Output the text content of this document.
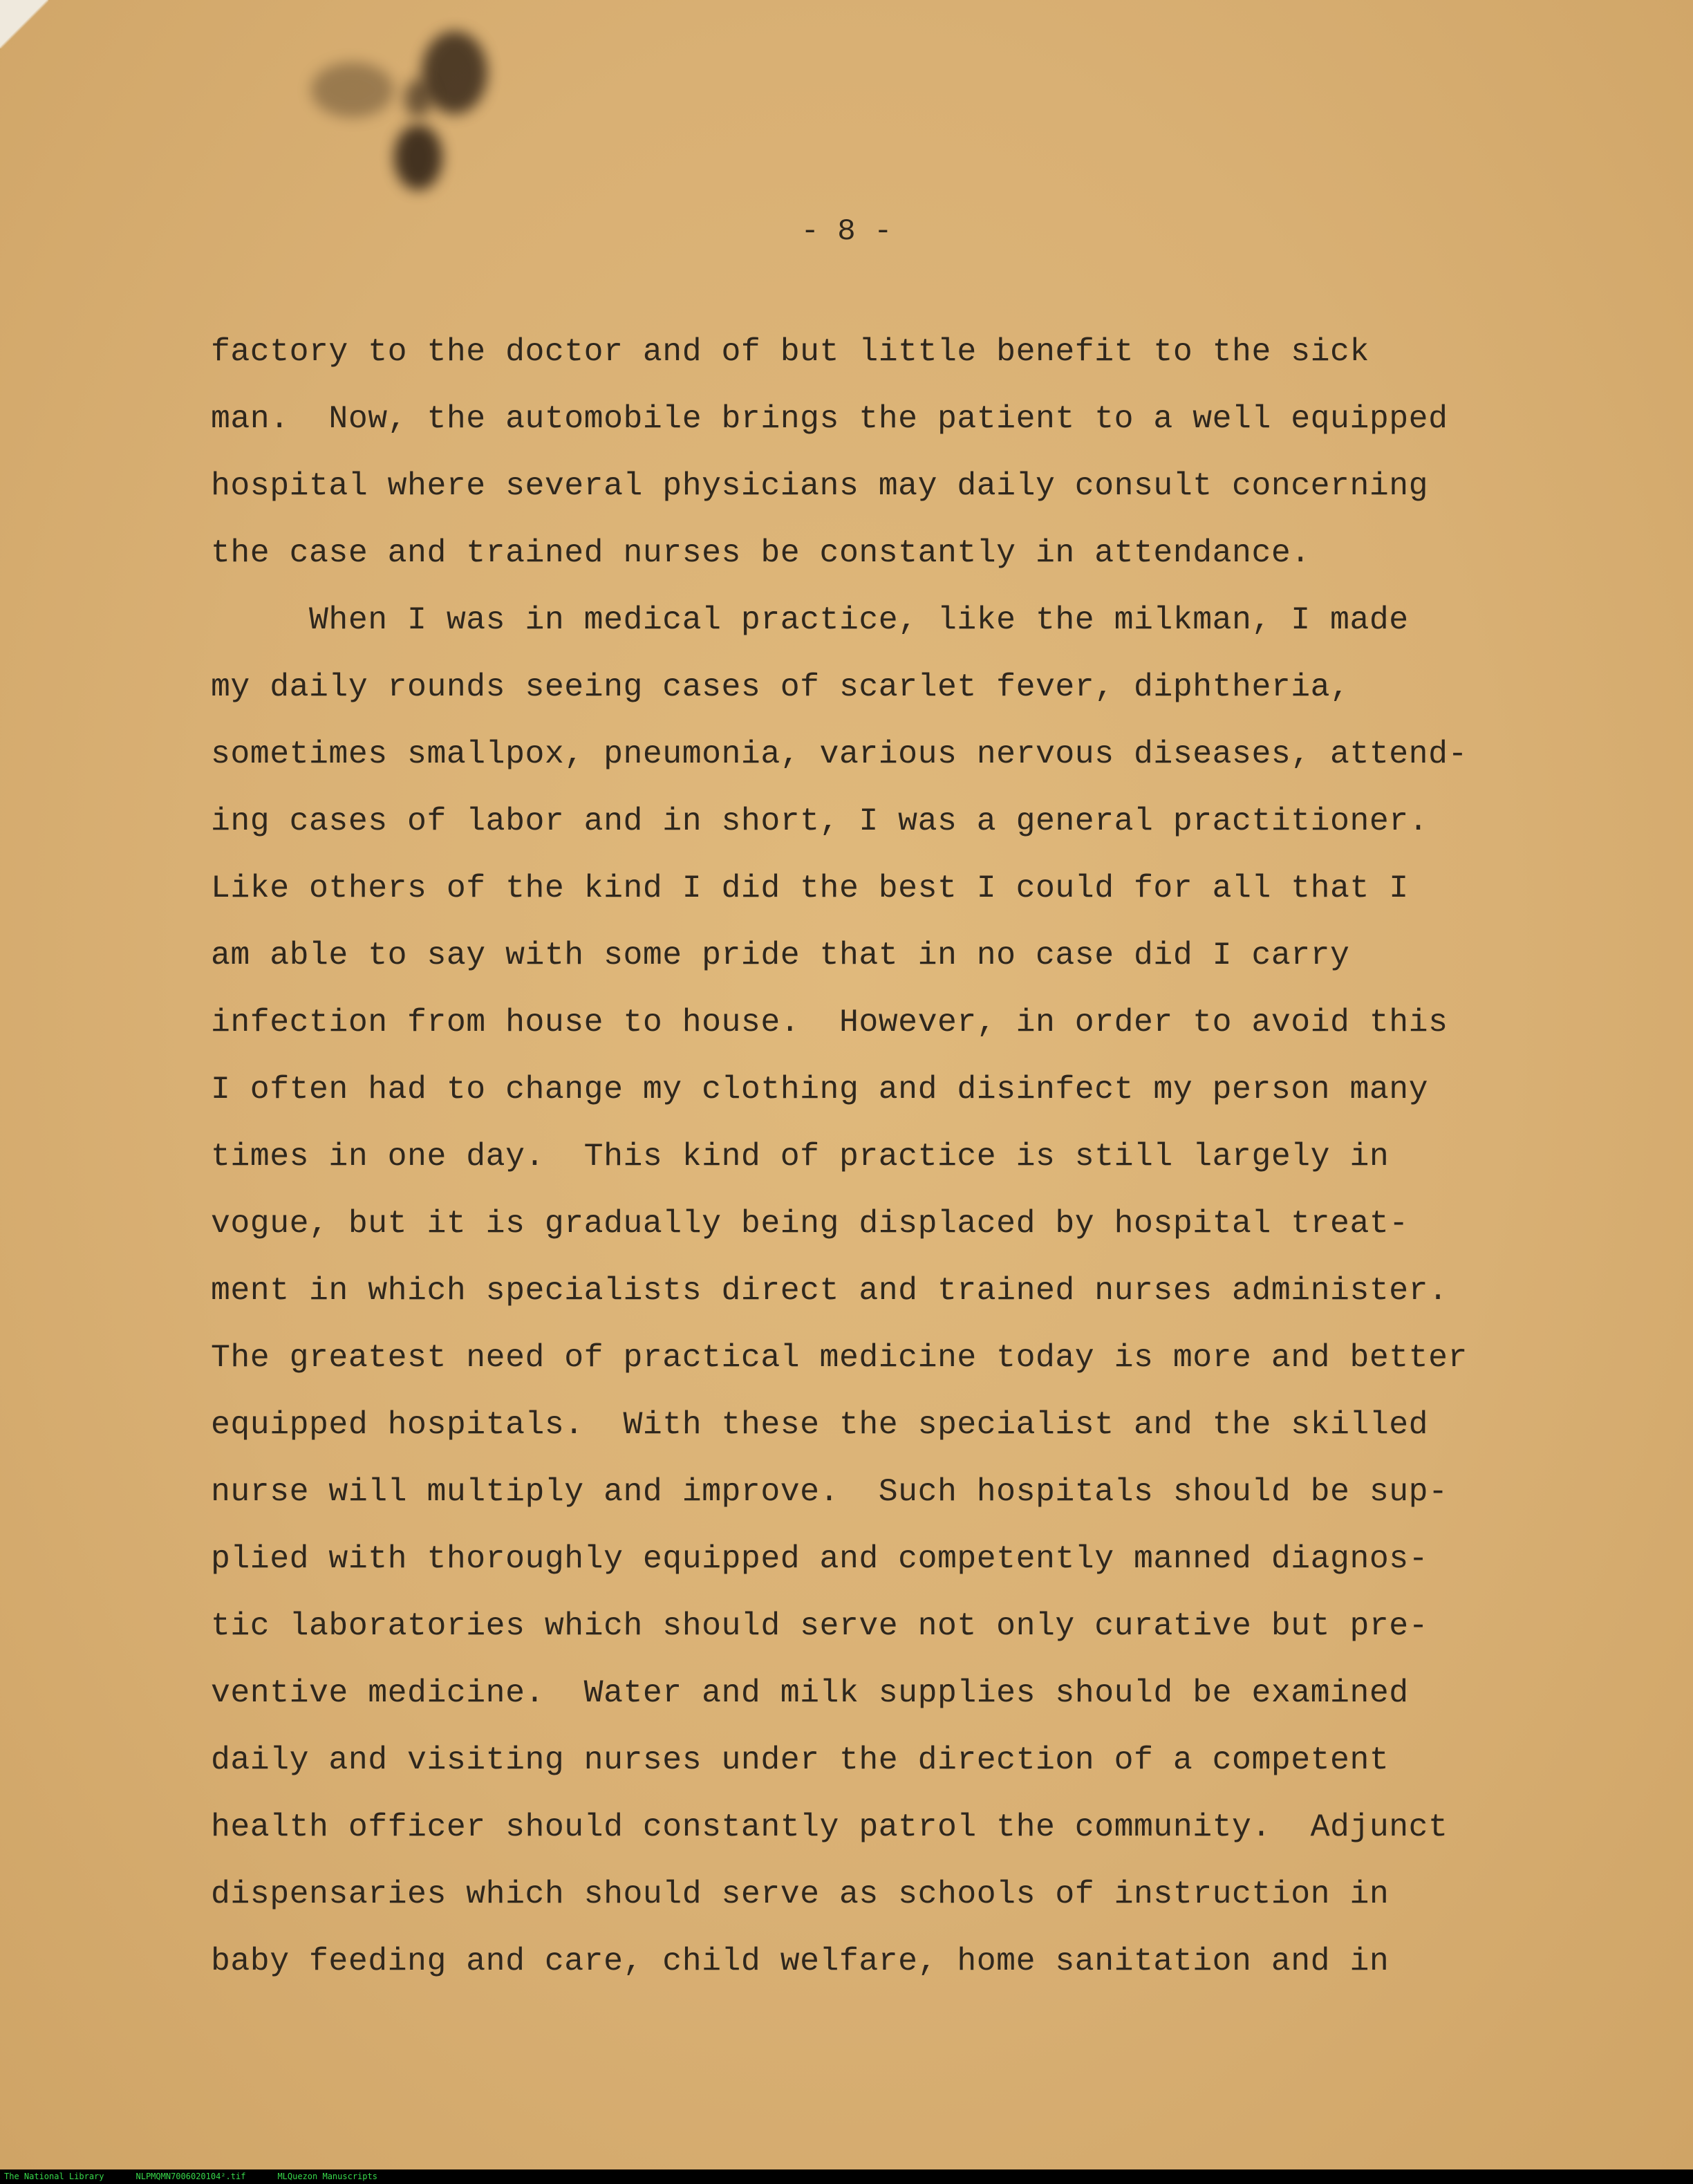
- 8 -
factory to the doctor and of but little benefit to the sick
man.  Now, the automobile brings the patient to a well equipped
hospital where several physicians may daily consult concerning
the case and trained nurses be constantly in attendance.
When I was in medical practice, like the milkman, I made
my daily rounds seeing cases of scarlet fever, diphtheria,
sometimes smallpox, pneumonia, various nervous diseases, attend-
ing cases of labor and in short, I was a general practitioner.
Like others of the kind I did the best I could for all that I
am able to say with some pride that in no case did I carry
infection from house to house.  However, in order to avoid this
I often had to change my clothing and disinfect my person many
times in one day.  This kind of practice is still largely in
vogue, but it is gradually being displaced by hospital treat-
ment in which specialists direct and trained nurses administer.
The greatest need of practical medicine today is more and better
equipped hospitals.  With these the specialist and the skilled
nurse will multiply and improve.  Such hospitals should be sup-
plied with thoroughly equipped and competently manned diagnos-
tic laboratories which should serve not only curative but pre-
ventive medicine.  Water and milk supplies should be examined
daily and visiting nurses under the direction of a competent
health officer should constantly patrol the community.  Adjunct
dispensaries which should serve as schools of instruction in
baby feeding and care, child welfare, home sanitation and in
The National Library	NLPMQMN7006020104².tif	MLQuezon Manuscripts
